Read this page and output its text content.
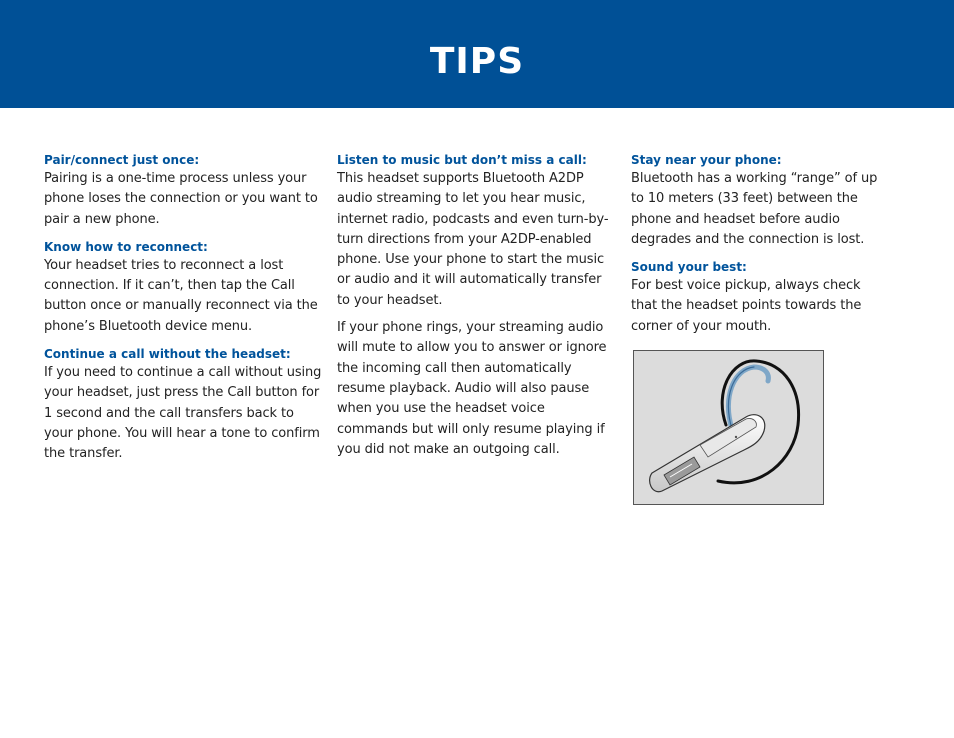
TIPS

Pair/connect just once:

Pairing is a one-time process unless your phone loses the connection or you want to pair a new phone.

Know how to reconnect:

Your headset tries to reconnect a lost connection. If it can’t, then tap the Call button once or manually reconnect via the phone’s Bluetooth device menu.

Continue a call without the headset:

If you need to continue a call without using your headset, just press the Call button for 1 second and the call transfers back to your phone. You will hear a tone to confirm the transfer.

Listen to music but don’t miss a call:

This headset supports Bluetooth A2DP audio streaming to let you hear music, internet radio, podcasts and even turn-by-turn directions from your A2DP-enabled phone. Use your phone to start the music or audio and it will automatically transfer to your headset.

If your phone rings, your streaming audio will mute to allow you to answer or ignore the incoming call then automatically resume playback. Audio will also pause when you use the headset voice commands but will only resume playing if you did not make an outgoing call.

Stay near your phone:

Bluetooth has a working “range” of up to 10 meters (33 feet) between the phone and headset before audio degrades and the connection is lost.

Sound your best:

For best voice pickup, always check that the headset points towards the corner of your mouth.
